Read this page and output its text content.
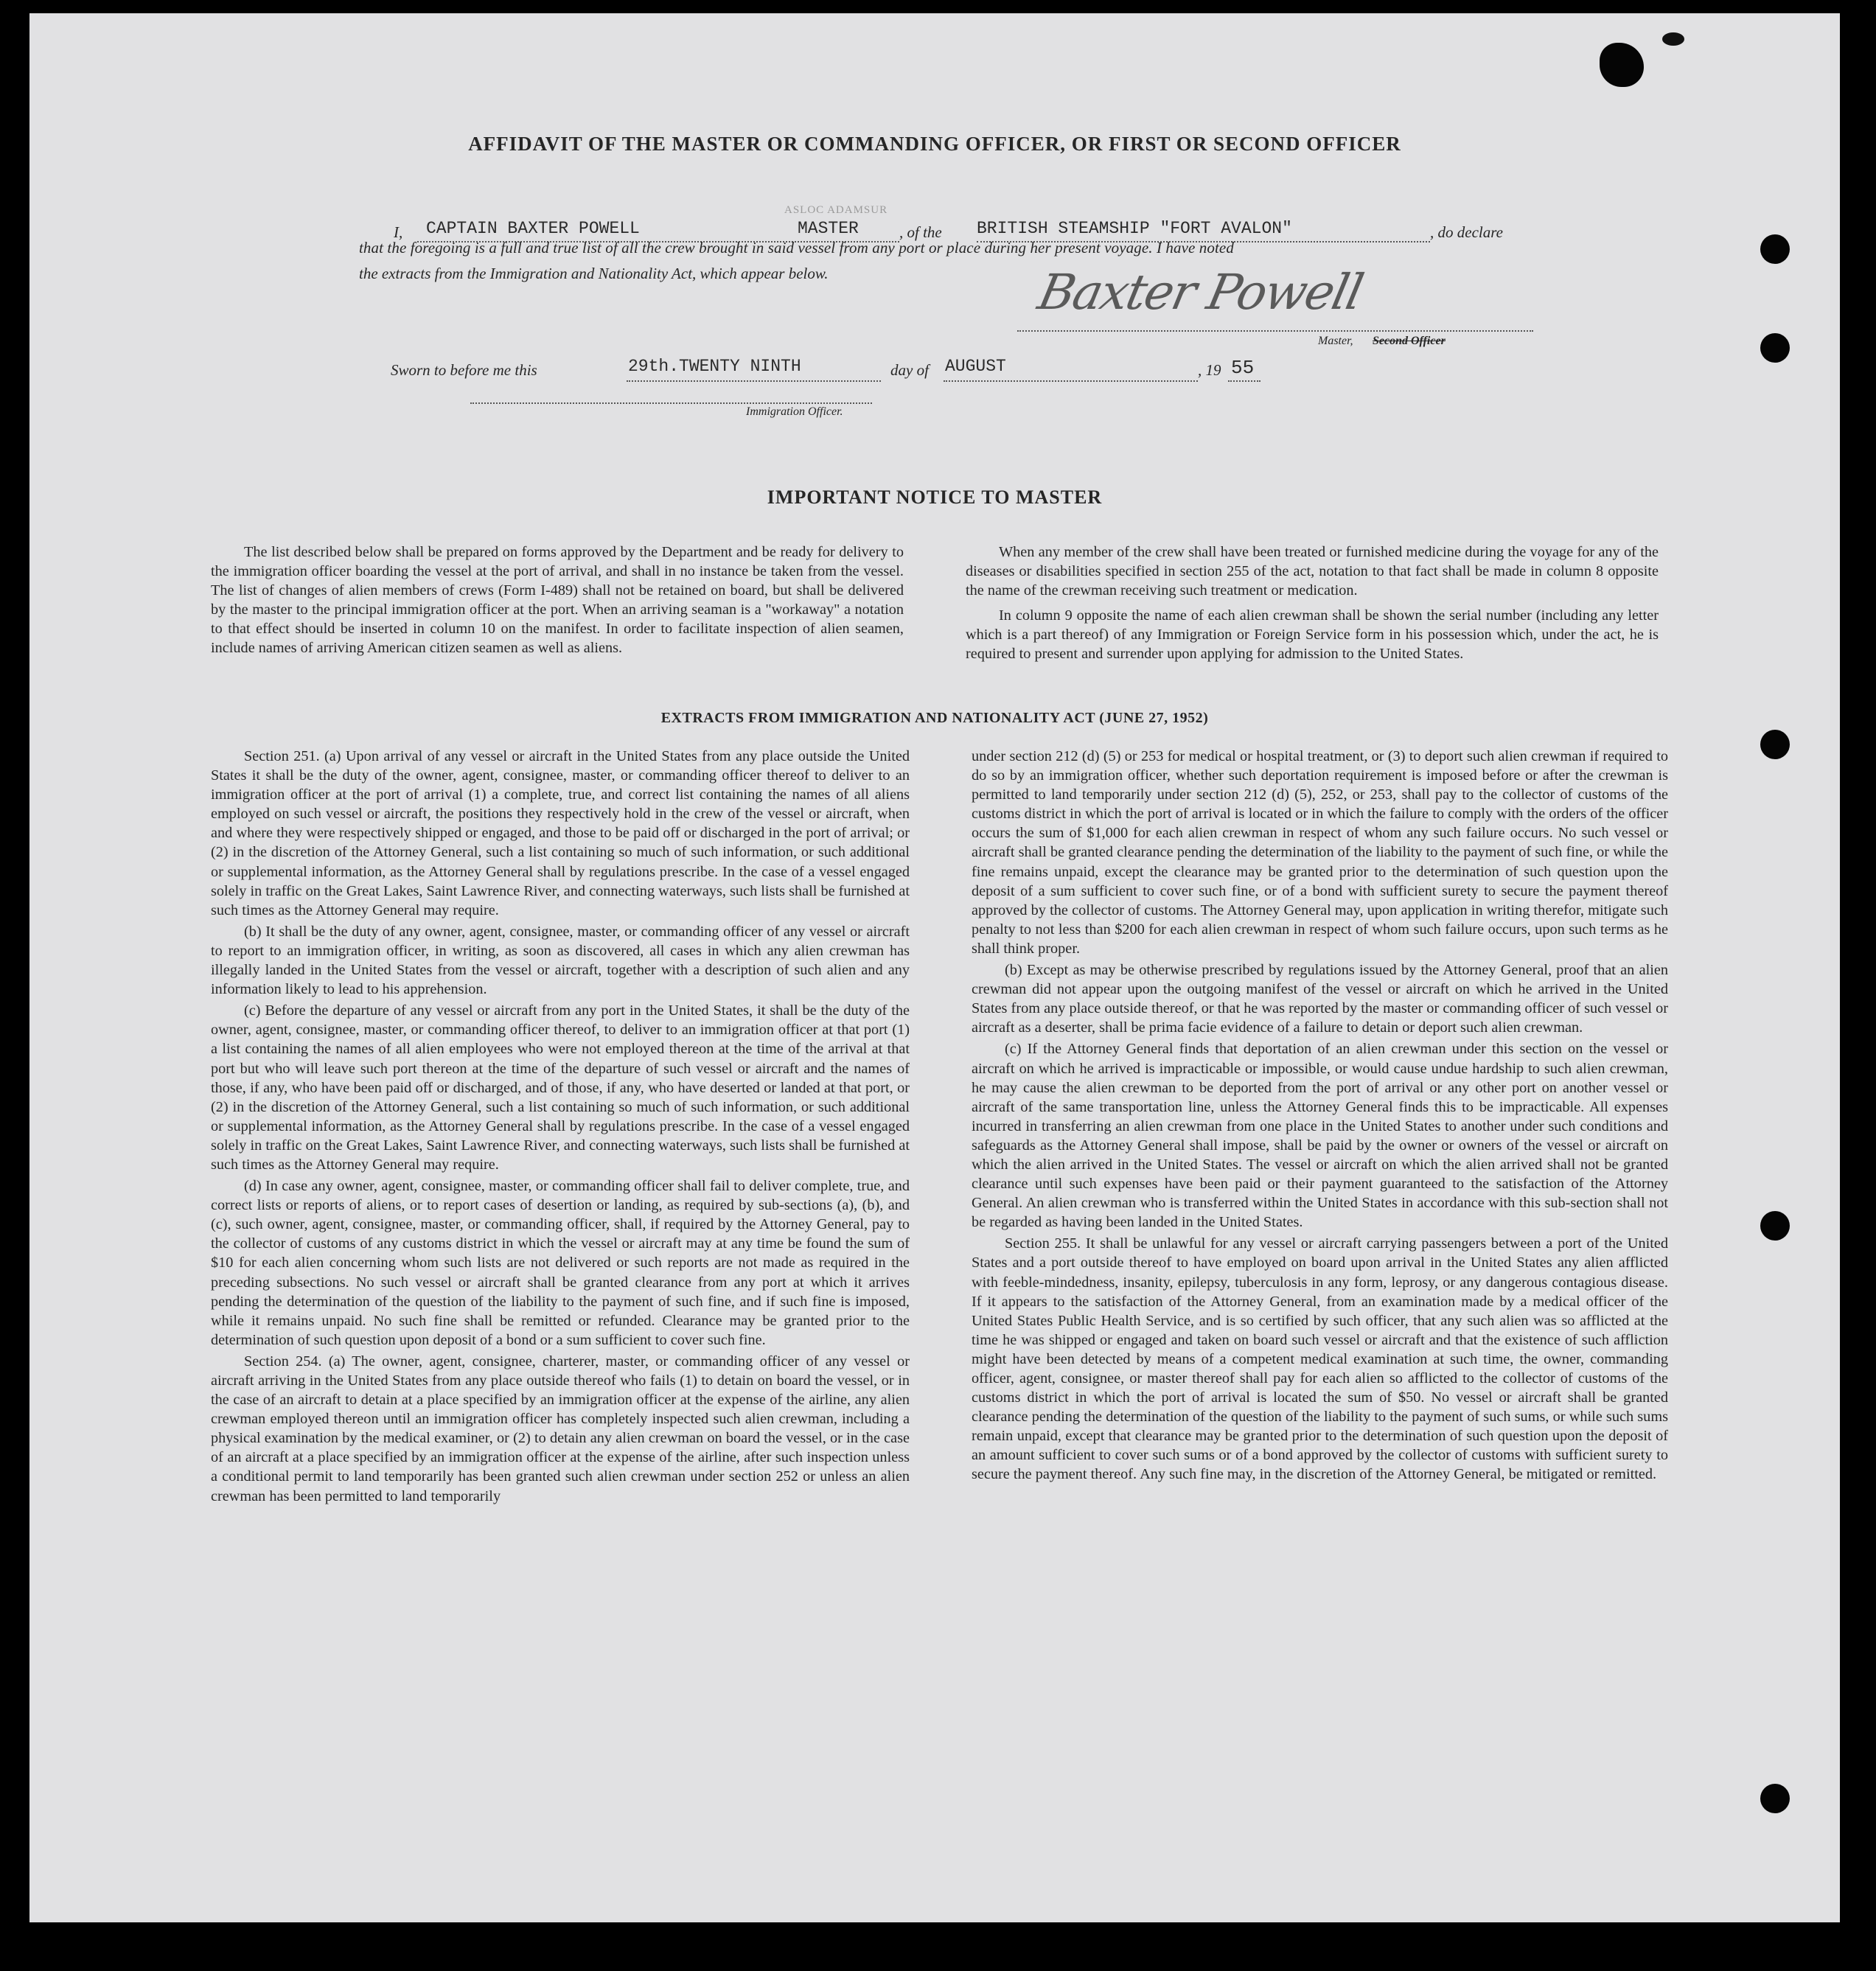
AFFIDAVIT OF THE MASTER OR COMMANDING OFFICER, OR FIRST OR SECOND OFFICER
I, CAPTAIN BAXTER POWELL
ASLOC ADAMSUR
MASTER	, of the BRITISH STEAMSHIP "FORT AVALON"	, do declare
that the foregoing is a full and true list of all the crew brought in said vessel from any port or place during her present voyage. I have noted
the extracts from the Immigration and Nationality Act, which appear below.	Baxter Powell
Master, Second Officer
Sworn to before me this	29th.TWENTY NINTH	day of AUGUST	, 19 55
Immigration Officer.
IMPORTANT NOTICE TO MASTER

The list described below shall be prepared on forms approved by the Department and be ready for delivery to the immigration officer boarding the vessel at the port of arrival, and shall in no instance be taken from the vessel. The list of changes of alien members of crews (Form I-489) shall not be retained on board, but shall be delivered by the master to the principal immigration officer at the port. When an arriving seaman is a "workaway" a notation to that effect should be inserted in column 10 on the manifest. In order to facilitate inspection of alien seamen, include names of arriving American citizen seamen as well as aliens.

When any member of the crew shall have been treated or furnished medicine during the voyage for any of the diseases or disabilities specified in section 255 of the act, notation to that fact shall be made in column 8 opposite the name of the crewman receiving such treatment or medication.

In column 9 opposite the name of each alien crewman shall be shown the serial number (including any letter which is a part thereof) of any Immigration or Foreign Service form in his possession which, under the act, he is required to present and surrender upon applying for admission to the United States.

EXTRACTS FROM IMMIGRATION AND NATIONALITY ACT (JUNE 27, 1952)

Section 251. (a) Upon arrival of any vessel or aircraft in the United States from any place outside the United States it shall be the duty of the owner, agent, consignee, master, or commanding officer thereof to deliver to an immigration officer at the port of arrival (1) a complete, true, and correct list containing the names of all aliens employed on such vessel or aircraft, the positions they respectively hold in the crew of the vessel or aircraft, when and where they were respectively shipped or engaged, and those to be paid off or discharged in the port of arrival; or (2) in the discretion of the Attorney General, such a list containing so much of such information, or such additional or supplemental information, as the Attorney General shall by regulations prescribe. In the case of a vessel engaged solely in traffic on the Great Lakes, Saint Lawrence River, and connecting waterways, such lists shall be furnished at such times as the Attorney General may require.

(b) It shall be the duty of any owner, agent, consignee, master, or commanding officer of any vessel or aircraft to report to an immigration officer, in writing, as soon as discovered, all cases in which any alien crewman has illegally landed in the United States from the vessel or aircraft, together with a description of such alien and any information likely to lead to his apprehension.

(c) Before the departure of any vessel or aircraft from any port in the United States, it shall be the duty of the owner, agent, consignee, master, or commanding officer thereof, to deliver to an immigration officer at that port (1) a list containing the names of all alien employees who were not employed thereon at the time of the arrival at that port but who will leave such port thereon at the time of the departure of such vessel or aircraft and the names of those, if any, who have been paid off or discharged, and of those, if any, who have deserted or landed at that port, or (2) in the discretion of the Attorney General, such a list containing so much of such information, or such additional or supplemental information, as the Attorney General shall by regulations prescribe. In the case of a vessel engaged solely in traffic on the Great Lakes, Saint Lawrence River, and connecting waterways, such lists shall be furnished at such times as the Attorney General may require.

(d) In case any owner, agent, consignee, master, or commanding officer shall fail to deliver complete, true, and correct lists or reports of aliens, or to report cases of desertion or landing, as required by sub-sections (a), (b), and (c), such owner, agent, consignee, master, or commanding officer, shall, if required by the Attorney General, pay to the collector of customs of any customs district in which the vessel or aircraft may at any time be found the sum of $10 for each alien concerning whom such lists are not delivered or such reports are not made as required in the preceding subsections. No such vessel or aircraft shall be granted clearance from any port at which it arrives pending the determination of the question of the liability to the payment of such fine, and if such fine is imposed, while it remains unpaid. No such fine shall be remitted or refunded. Clearance may be granted prior to the determination of such question upon deposit of a bond or a sum sufficient to cover such fine.

Section 254. (a) The owner, agent, consignee, charterer, master, or commanding officer of any vessel or aircraft arriving in the United States from any place outside thereof who fails (1) to detain on board the vessel, or in the case of an aircraft to detain at a place specified by an immigration officer at the expense of the airline, any alien crewman employed thereon until an immigration officer has completely inspected such alien crewman, including a physical examination by the medical examiner, or (2) to detain any alien crewman on board the vessel, or in the case of an aircraft at a place specified by an immigration officer at the expense of the airline, after such inspection unless a conditional permit to land temporarily has been granted such alien crewman under section 252 or unless an alien crewman has been permitted to land temporarily

under section 212 (d) (5) or 253 for medical or hospital treatment, or (3) to deport such alien crewman if required to do so by an immigration officer, whether such deportation requirement is imposed before or after the crewman is permitted to land temporarily under section 212 (d) (5), 252, or 253, shall pay to the collector of customs of the customs district in which the port of arrival is located or in which the failure to comply with the orders of the officer occurs the sum of $1,000 for each alien crewman in respect of whom any such failure occurs. No such vessel or aircraft shall be granted clearance pending the determination of the liability to the payment of such fine, or while the fine remains unpaid, except the clearance may be granted prior to the determination of such question upon the deposit of a sum sufficient to cover such fine, or of a bond with sufficient surety to secure the payment thereof approved by the collector of customs. The Attorney General may, upon application in writing therefor, mitigate such penalty to not less than $200 for each alien crewman in respect of whom such failure occurs, upon such terms as he shall think proper.

(b) Except as may be otherwise prescribed by regulations issued by the Attorney General, proof that an alien crewman did not appear upon the outgoing manifest of the vessel or aircraft on which he arrived in the United States from any place outside thereof, or that he was reported by the master or commanding officer of such vessel or aircraft as a deserter, shall be prima facie evidence of a failure to detain or deport such alien crewman.

(c) If the Attorney General finds that deportation of an alien crewman under this section on the vessel or aircraft on which he arrived is impracticable or impossible, or would cause undue hardship to such alien crewman, he may cause the alien crewman to be deported from the port of arrival or any other port on another vessel or aircraft of the same transportation line, unless the Attorney General finds this to be impracticable. All expenses incurred in transferring an alien crewman from one place in the United States to another under such conditions and safeguards as the Attorney General shall impose, shall be paid by the owner or owners of the vessel or aircraft on which the alien arrived in the United States. The vessel or aircraft on which the alien arrived shall not be granted clearance until such expenses have been paid or their payment guaranteed to the satisfaction of the Attorney General. An alien crewman who is transferred within the United States in accordance with this sub-section shall not be regarded as having been landed in the United States.

Section 255. It shall be unlawful for any vessel or aircraft carrying passengers between a port of the United States and a port outside thereof to have employed on board upon arrival in the United States any alien afflicted with feeble-mindedness, insanity, epilepsy, tuberculosis in any form, leprosy, or any dangerous contagious disease. If it appears to the satisfaction of the Attorney General, from an examination made by a medical officer of the United States Public Health Service, and is so certified by such officer, that any such alien was so afflicted at the time he was shipped or engaged and taken on board such vessel or aircraft and that the existence of such affliction might have been detected by means of a competent medical examination at such time, the owner, commanding officer, agent, consignee, or master thereof shall pay for each alien so afflicted to the collector of customs of the customs district in which the port of arrival is located the sum of $50. No vessel or aircraft shall be granted clearance pending the determination of the question of the liability to the payment of such sums, or while such sums remain unpaid, except that clearance may be granted prior to the determination of such question upon the deposit of an amount sufficient to cover such sums or of a bond approved by the collector of customs with sufficient surety to secure the payment thereof. Any such fine may, in the discretion of the Attorney General, be mitigated or remitted.
